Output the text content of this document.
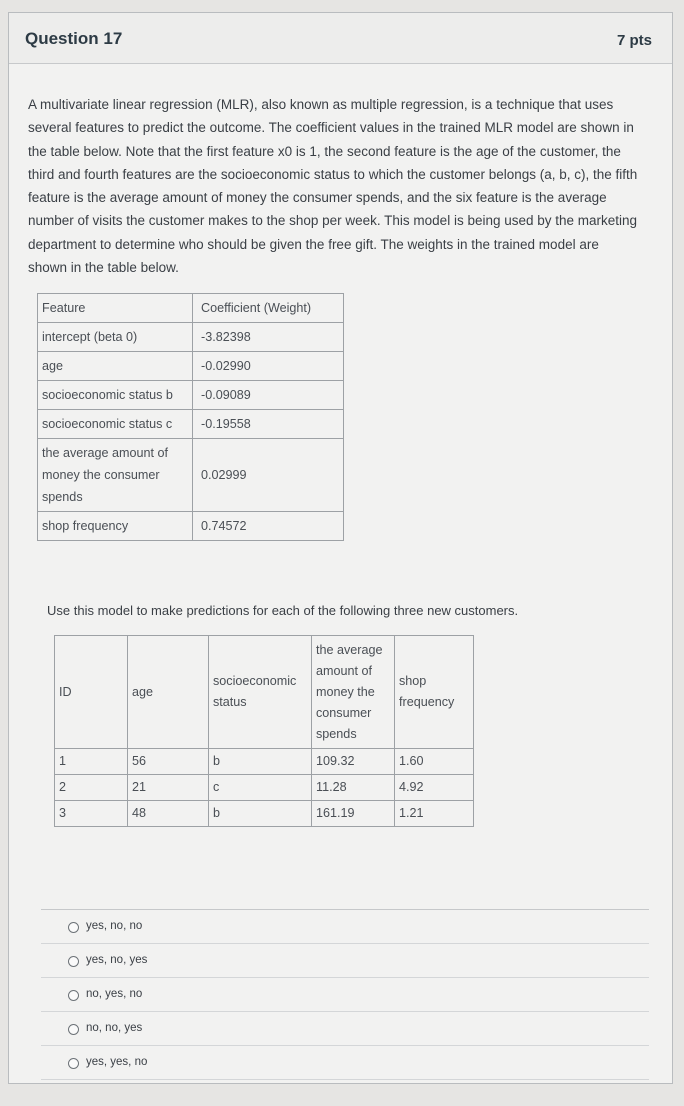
Question 17	7 pts
A multivariate linear regression (MLR), also known as multiple regression, is a technique that uses several features to predict the outcome. The coefficient values in the trained MLR model are shown in the table below. Note that the first feature x0 is 1, the second feature is the age of the customer, the third and fourth features are the socioeconomic status to which the customer belongs (a, b, c), the fifth feature is the average amount of money the consumer spends, and the six feature is the average number of visits the customer makes to the shop per week. This model is being used by the marketing department to determine who should be given the free gift. The weights in the trained model are shown in the table below.
Feature	Coefficient (Weight)
intercept (beta 0)	-3.82398
age	-0.02990
socioeconomic status b	-0.09089
socioeconomic status c	-0.19558
the average amount of money the consumer spends	0.02999
shop frequency	0.74572
Use this model to make predictions for each of the following three new customers.
ID	age	socioeconomic status	the average amount of money the consumer spends	shop frequency
1	56	b	109.32	1.60
2	21	c	11.28	4.92
3	48	b	161.19	1.21
yes, no, no
yes, no, yes
no, yes, no
no, no, yes
yes, yes, no
